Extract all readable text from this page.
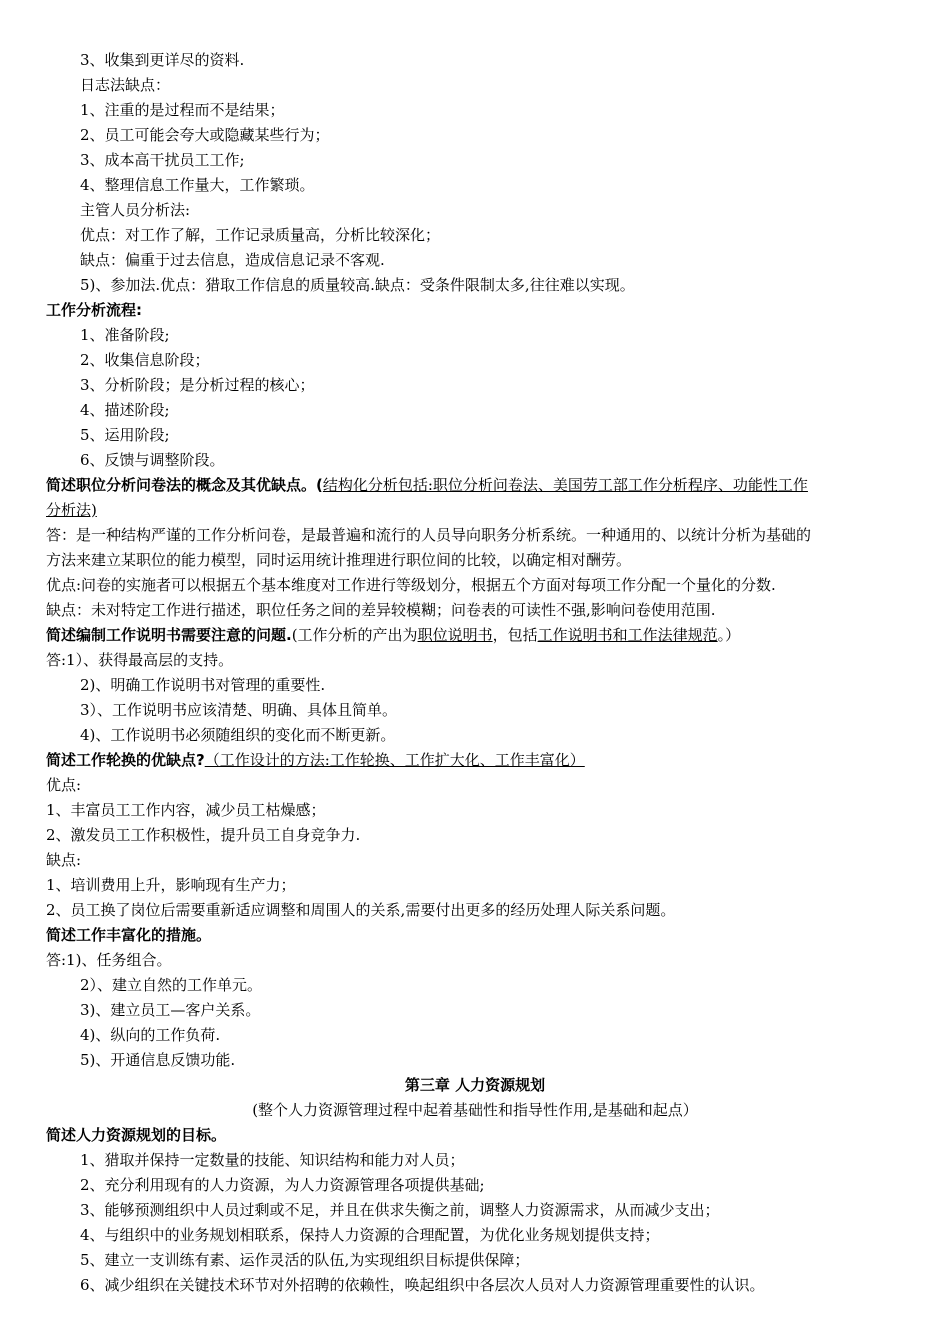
3、收集到更详尽的资料.
日志法缺点：
1、注重的是过程而不是结果；
2、员工可能会夸大或隐藏某些行为；
3、成本高干扰员工工作;
4、整理信息工作量大，工作繁琐。
主管人员分析法:
优点：对工作了解，工作记录质量高，分析比较深化；
缺点：偏重于过去信息，造成信息记录不客观.
5)、参加法.优点：猎取工作信息的质量较高.缺点：受条件限制太多,往往难以实现。
工作分析流程:
1、准备阶段;
2、收集信息阶段；
3、分析阶段；是分析过程的核心；
4、描述阶段;
5、运用阶段;
6、反馈与调整阶段。
简述职位分析问卷法的概念及其优缺点。(结构化分析包括:职位分析问卷法、美国劳工部工作分析程序、功能性工作
分析法)
答：是一种结构严谨的工作分析问卷，是最普遍和流行的人员导向职务分析系统。一种通用的、以统计分析为基础的
方法来建立某职位的能力模型，同时运用统计推理进行职位间的比较，以确定相对酬劳。
优点:问卷的实施者可以根据五个基本维度对工作进行等级划分，根据五个方面对每项工作分配一个量化的分数.
缺点：未对特定工作进行描述，职位任务之间的差异较模糊；问卷表的可读性不强,影响问卷使用范围.
简述编制工作说明书需要注意的问题.(工作分析的产出为职位说明书，包括工作说明书和工作法律规范。）
答:1）、获得最高层的支持。
2)、明确工作说明书对管理的重要性.
3）、工作说明书应该清楚、明确、具体且简单。
4)、工作说明书必须随组织的变化而不断更新。
简述工作轮换的优缺点?（工作设计的方法:工作轮换、工作扩大化、工作丰富化）
优点:
1、丰富员工工作内容，减少员工枯燥感；
2、激发员工工作积极性，提升员工自身竞争力.
缺点:
1、培训费用上升，影响现有生产力；
2、员工换了岗位后需要重新适应调整和周围人的关系,需要付出更多的经历处理人际关系问题。
简述工作丰富化的措施。
答:1)、任务组合。
2）、建立自然的工作单元。
3)、建立员工—客户关系。
4)、纵向的工作负荷.
5)、开通信息反馈功能.
第三章 人力资源规划
(整个人力资源管理过程中起着基础性和指导性作用,是基础和起点）
简述人力资源规划的目标。
1、猎取并保持一定数量的技能、知识结构和能力对人员；
2、充分利用现有的人力资源，为人力资源管理各项提供基础;
3、能够预测组织中人员过剩或不足，并且在供求失衡之前，调整人力资源需求，从而减少支出；
4、与组织中的业务规划相联系，保持人力资源的合理配置，为优化业务规划提供支持；
5、建立一支训练有素、运作灵活的队伍,为实现组织目标提供保障；
6、减少组织在关键技术环节对外招聘的依赖性，唤起组织中各层次人员对人力资源管理重要性的认识。
